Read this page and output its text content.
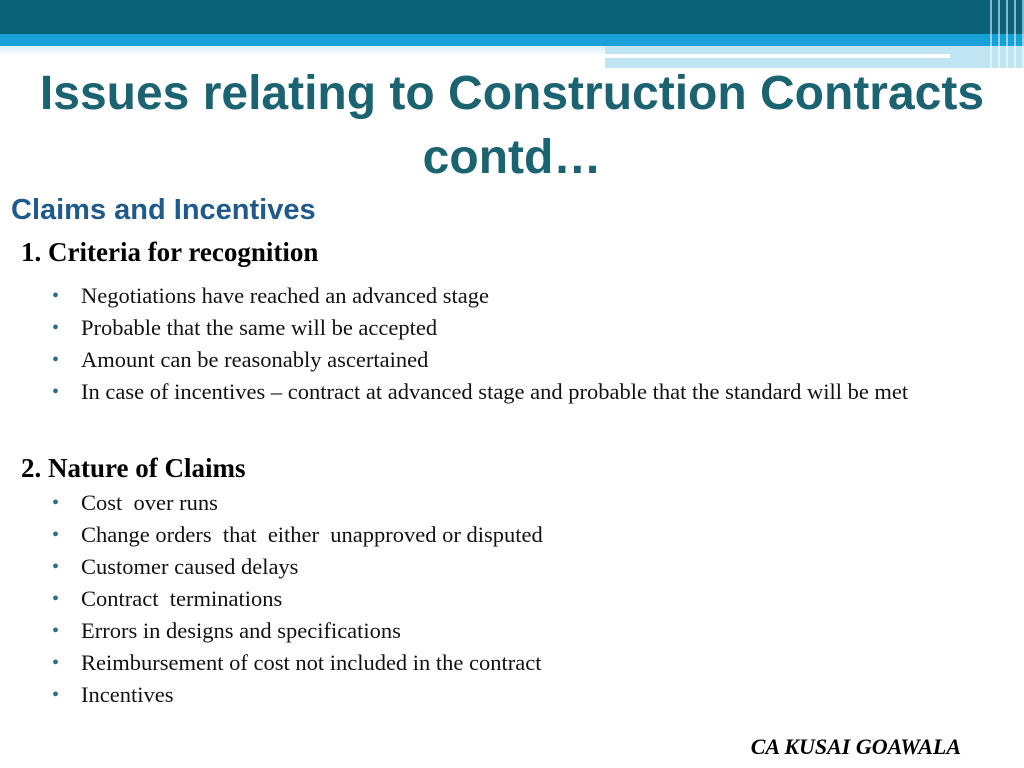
Issues relating to Construction Contracts contd…
Claims and Incentives
1. Criteria for recognition
• Negotiations have reached an advanced stage
• Probable that the same will be accepted
• Amount can be reasonably ascertained
• In case of incentives – contract at advanced stage and probable that the standard will be met
2. Nature of Claims
• Cost  over runs
• Change orders  that  either  unapproved or disputed
• Customer caused delays
• Contract  terminations
• Errors in designs and specifications
• Reimbursement of cost not included in the contract
• Incentives
CA KUSAI GOAWALA
